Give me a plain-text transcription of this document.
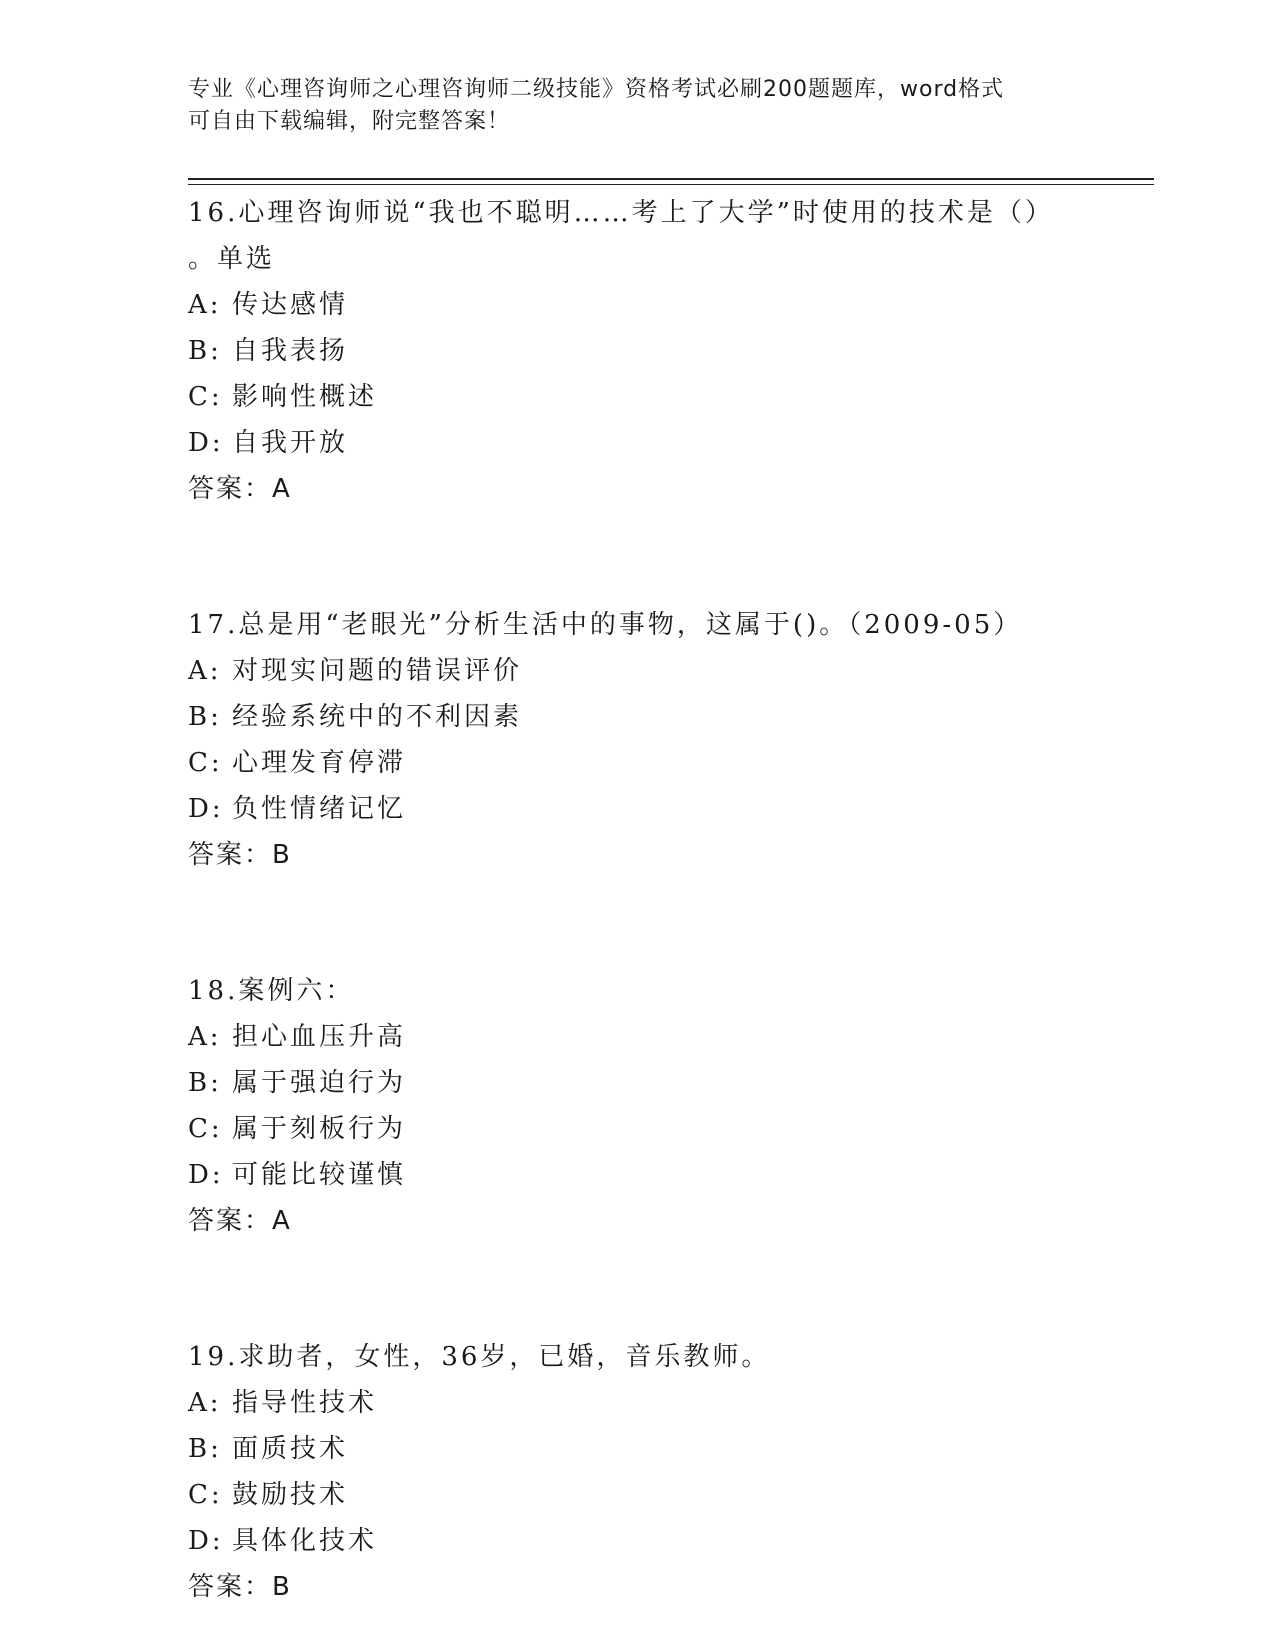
专业《心理咨询师之心理咨询师二级技能》资格考试必刷200题题库，word格式

可自由下载编辑，附完整答案！

16.心理咨询师说“我也不聪明……考上了大学”时使用的技术是（）

。单选

A: 传达感情

B: 自我表扬

C: 影响性概述

D: 自我开放

答案：A

17.总是用“老眼光”分析生活中的事物，这属于()。（2009-05）

A: 对现实问题的错误评价

B: 经验系统中的不利因素

C: 心理发育停滞

D: 负性情绪记忆

答案：B

18.案例六：

A: 担心血压升高

B: 属于强迫行为

C: 属于刻板行为

D: 可能比较谨慎

答案：A

19.求助者，女性，36岁，已婚，音乐教师。

A: 指导性技术

B: 面质技术

C: 鼓励技术

D: 具体化技术

答案：B
